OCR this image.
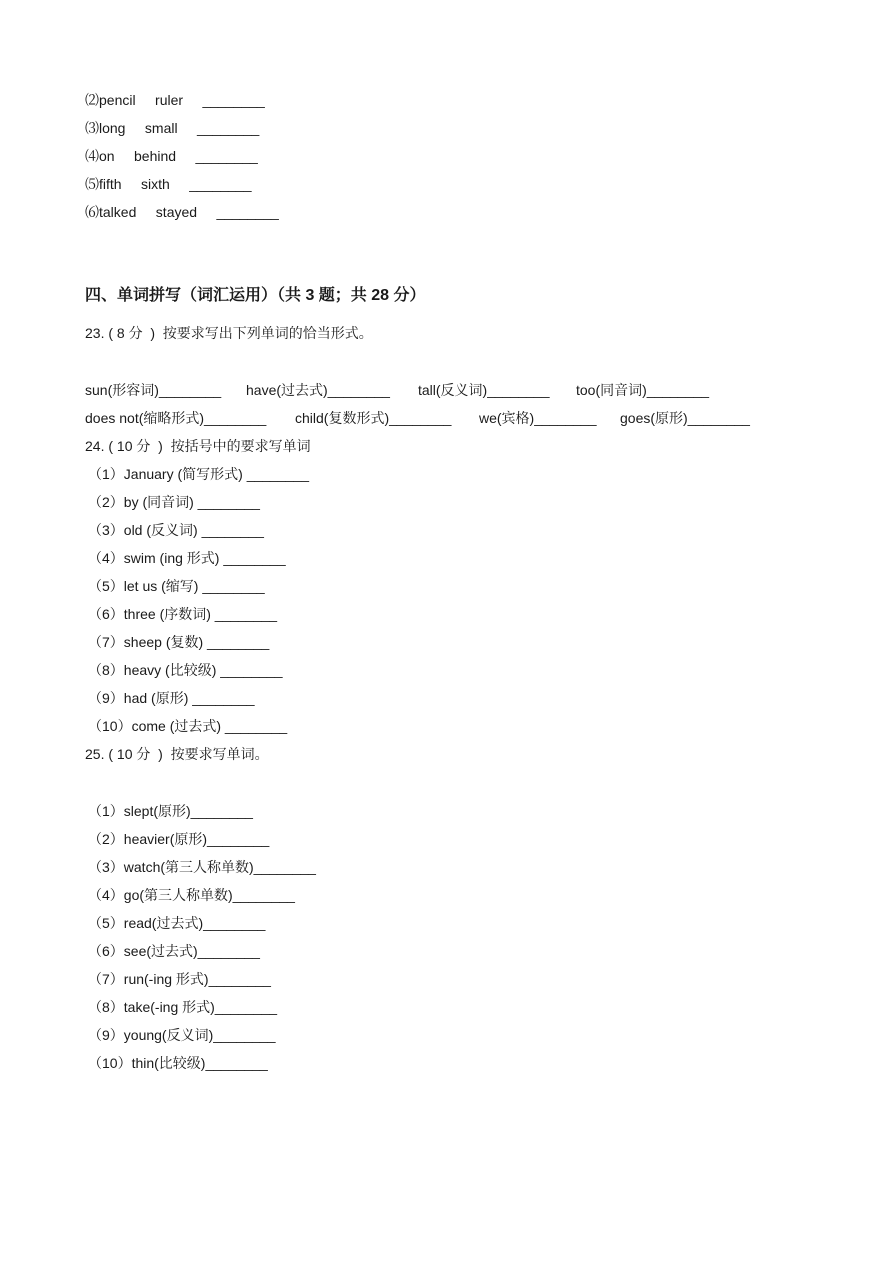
⑵pencil     ruler     ________
⑶long     small     ________
⑷on     behind     ________
⑸fifth     sixth     ________
⑹talked     stayed     ________
四、单词拼写（词汇运用）（共 3 题；共 28 分）
23. ( 8 分  )  按要求写出下列单词的恰当形式。
sun(形容词)________ have(过去式)________ tall(反义词)________ too(同音词)________
does not(缩略形式)________ child(复数形式)________ we(宾格)________ goes(原形)________
24. ( 10 分  )  按括号中的要求写单词
（1）January (简写形式) ________
（2）by (同音词) ________
（3）old (反义词) ________
（4）swim (ing 形式) ________
（5）let us (缩写) ________
（6）three (序数词) ________
（7）sheep (复数) ________
（8）heavy (比较级) ________
（9）had (原形) ________
（10）come (过去式) ________
25. ( 10 分  )  按要求写单词。
（1）slept(原形)________
（2）heavier(原形)________
（3）watch(第三人称单数)________
（4）go(第三人称单数)________
（5）read(过去式)________
（6）see(过去式)________
（7）run(-ing 形式)________
（8）take(-ing 形式)________
（9）young(反义词)________
（10）thin(比较级)________
